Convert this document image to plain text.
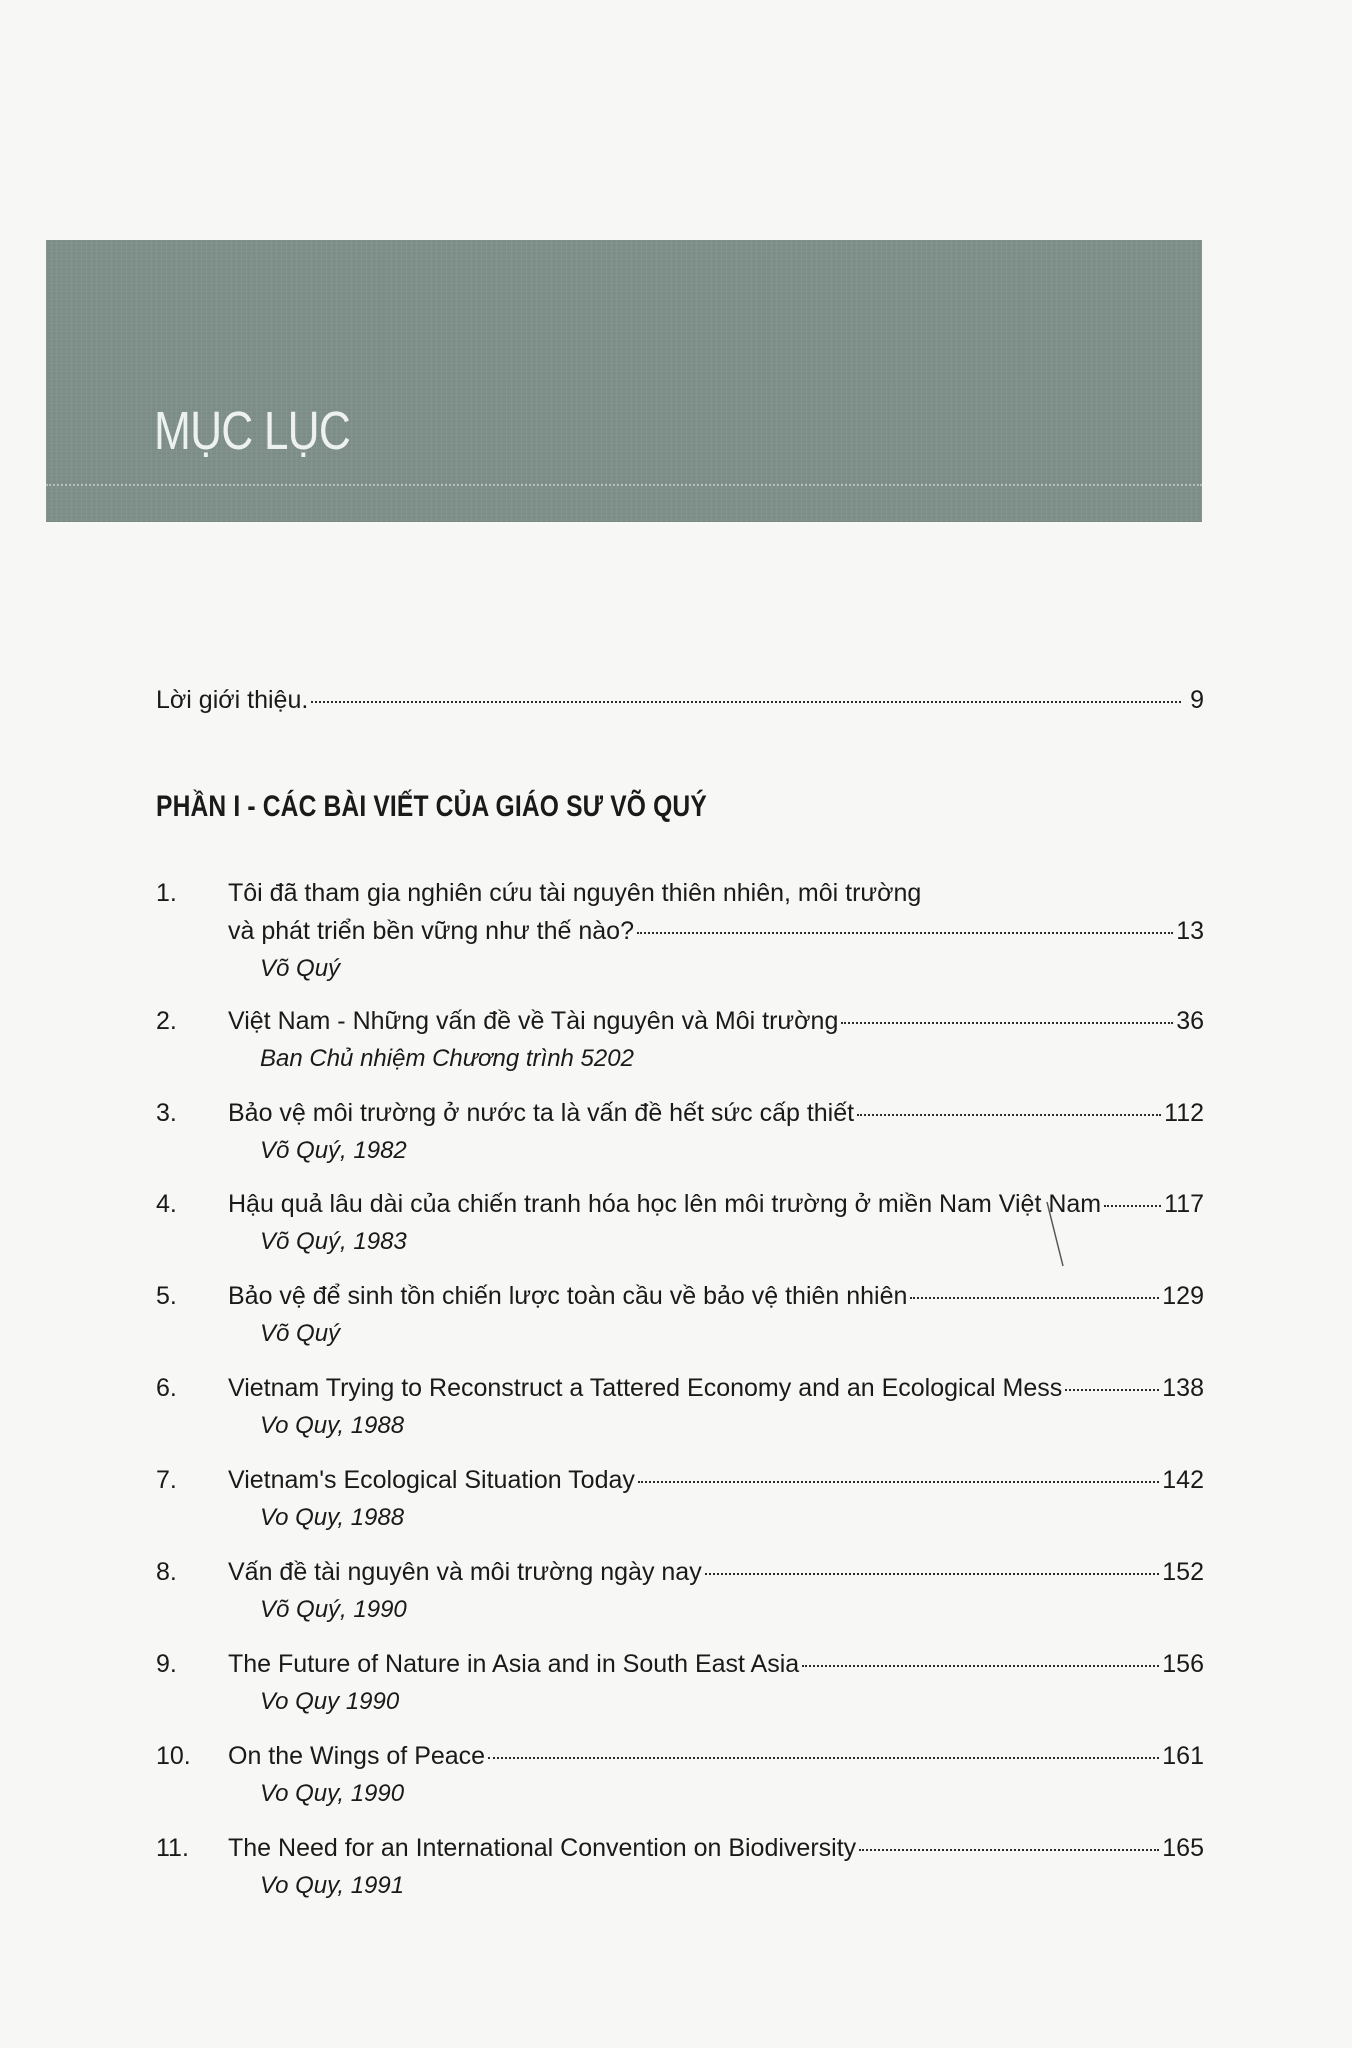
MỤC LỤC
Lời giới thiệu.	9
PHẦN I - CÁC BÀI VIẾT CỦA GIÁO SƯ VÕ QUÝ
1.	Tôi đã tham gia nghiên cứu tài nguyên thiên nhiên, môi trường
và phát triển bền vững như thế nào?	13
Võ Quý
2.	Việt Nam - Những vấn đề về Tài nguyên và Môi trường	36
Ban Chủ nhiệm Chương trình 5202
3.	Bảo vệ môi trường ở nước ta là vấn đề hết sức cấp thiết	112
Võ Quý, 1982
4.	Hậu quả lâu dài của chiến tranh hóa học lên môi trường ở miền Nam Việt Nam	117
Võ Quý, 1983
5.	Bảo vệ để sinh tồn chiến lược toàn cầu về bảo vệ thiên nhiên	129
Võ Quý
6.	Vietnam Trying to Reconstruct a Tattered Economy and an Ecological Mess	138
Vo Quy, 1988
7.	Vietnam's Ecological Situation Today	142
Vo Quy, 1988
8.	Vấn đề tài nguyên và môi trường ngày nay	152
Võ Quý, 1990
9.	The Future of Nature in Asia and in South East Asia	156
Vo Quy 1990
10.	On the Wings of Peace	161
Vo Quy, 1990
11.	The Need for an International Convention on Biodiversity	165
Vo Quy, 1991
